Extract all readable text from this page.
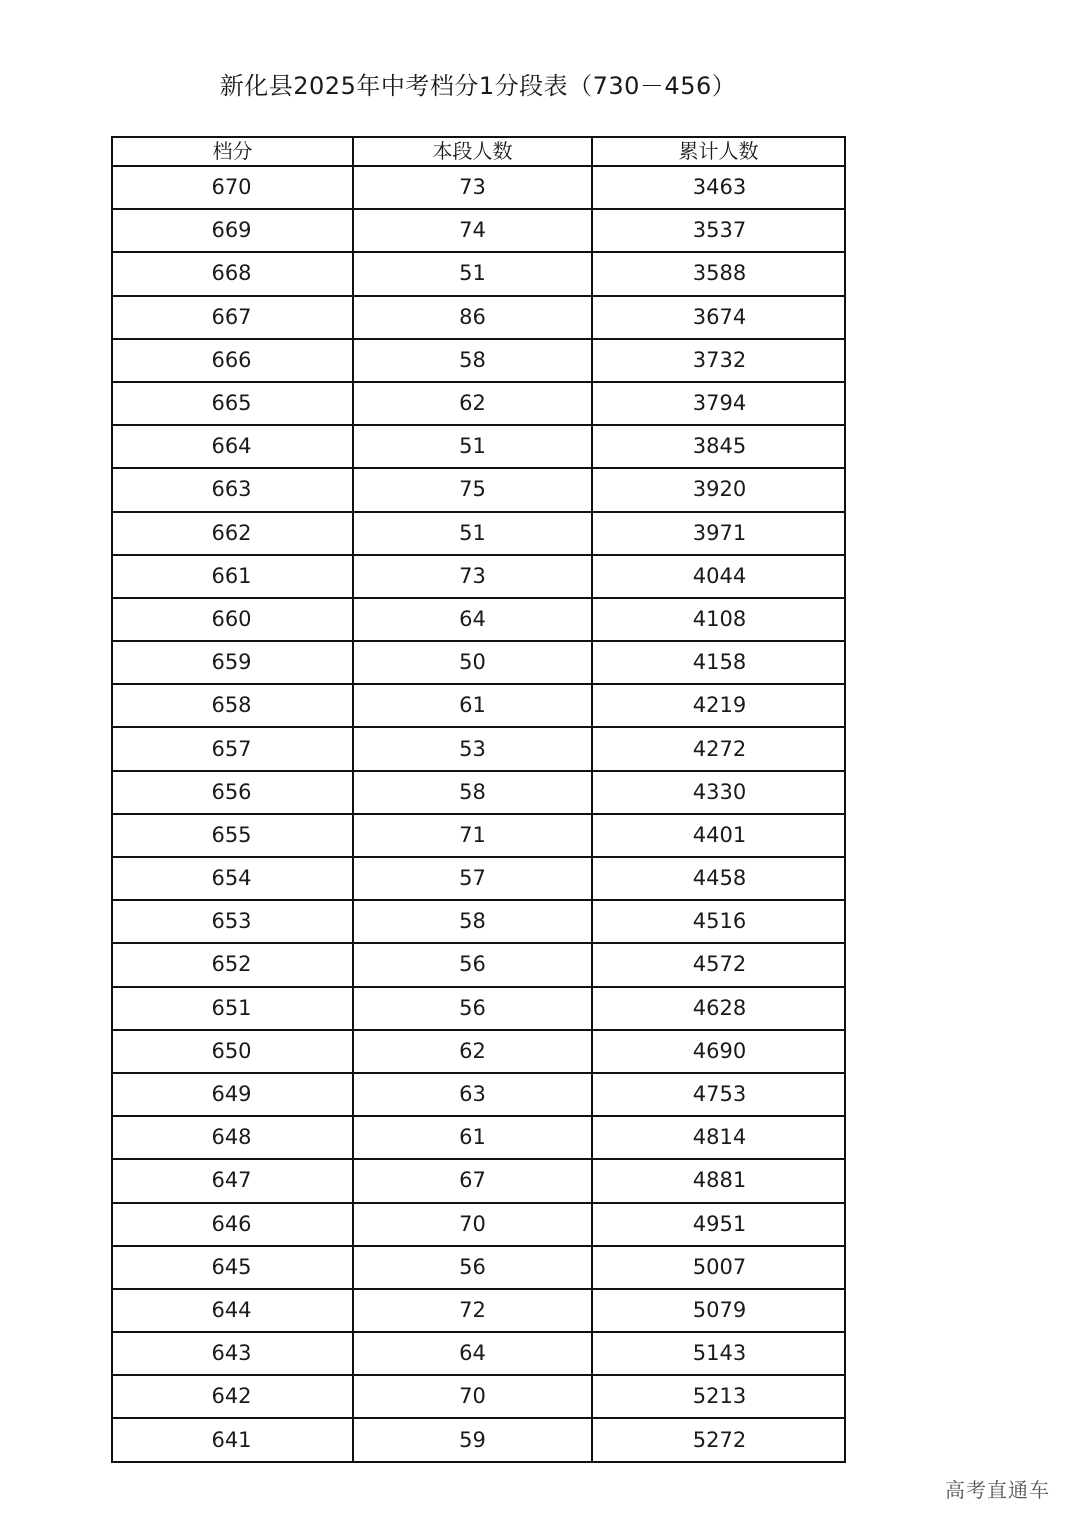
新化县2025年中考档分1分段表（730－456）
档分	本段人数	累计人数
670	73	3463
669	74	3537
668	51	3588
667	86	3674
666	58	3732
665	62	3794
664	51	3845
663	75	3920
662	51	3971
661	73	4044
660	64	4108
659	50	4158
658	61	4219
657	53	4272
656	58	4330
655	71	4401
654	57	4458
653	58	4516
652	56	4572
651	56	4628
650	62	4690
649	63	4753
648	61	4814
647	67	4881
646	70	4951
645	56	5007
644	72	5079
643	64	5143
642	70	5213
641	59	5272
高考直通车
